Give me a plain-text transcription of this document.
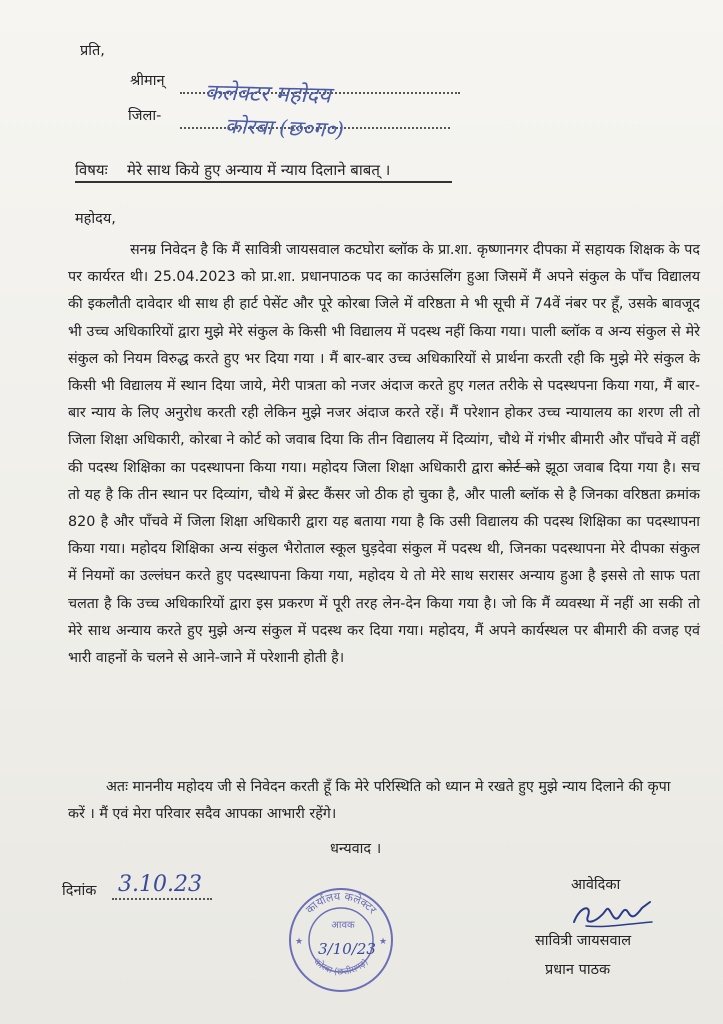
प्रति,
श्रीमान् कलेक्टर महोदय
जिला-	कोरबा (छ०ग०)
विषयः मेरे साथ किये हुए अन्याय में न्याय दिलाने बाबत् ।
महोदय,

सनम्र निवेदन है कि मैं सावित्री जायसवाल कटघोरा ब्लॉक के प्रा.शा. कृष्णानगर दीपका में सहायक शिक्षक के पद पर कार्यरत थी। 25.04.2023 को प्रा.शा. प्रधानपाठक पद का काउंसलिंग हुआ जिसमें मैं अपने संकुल के पाँच विद्यालय की इकलौती दावेदार थी साथ ही हार्ट पेसेंट और पूरे कोरबा जिले में वरिष्ठता मे भी सूची में 74वें नंबर पर हूँ, उसके बावजूद भी उच्च अधिकारियों द्वारा मुझे मेरे संकुल के किसी भी विद्यालय में पदस्थ नहीं किया गया। पाली ब्लॉक व अन्य संकुल से मेरे संकुल को नियम विरुद्ध करते हुए भर दिया गया । मैं बार-बार उच्च अधिकारियों से प्रार्थना करती रही कि मुझे मेरे संकुल के किसी भी विद्यालय में स्थान दिया जाये, मेरी पात्रता को नजर अंदाज करते हुए गलत तरीके से पदस्थपना किया गया, मैं बार-बार न्याय के लिए अनुरोध करती रही लेकिन मुझे नजर अंदाज करते रहें। मैं परेशान होकर उच्च न्यायालय का शरण ली तो जिला शिक्षा अधिकारी, कोरबा ने कोर्ट को जवाब दिया कि तीन विद्यालय में दिव्यांग, चौथे में गंभीर बीमारी और पाँचवे में वहीं की पदस्थ शिक्षिका का पदस्थापना किया गया। महोदय जिला शिक्षा अधिकारी द्वारा कोर्ट को झूठा जवाब दिया गया है। सच तो यह है कि तीन स्थान पर दिव्यांग, चौथे में ब्रेस्ट कैंसर जो ठीक हो चुका है, और पाली ब्लॉक से है जिनका वरिष्ठता क्रमांक 820 है और पाँचवे में जिला शिक्षा अधिकारी द्वारा यह बताया गया है कि उसी विद्यालय की पदस्थ शिक्षिका का पदस्थापना किया गया। महोदय शिक्षिका अन्य संकुल भैरोताल स्कूल घुड़देवा संकुल में पदस्थ थी, जिनका पदस्थापना मेरे दीपका संकुल में नियमों का उल्लंघन करते हुए पदस्थापना किया गया, महोदय ये तो मेरे साथ सरासर अन्याय हुआ है इससे तो साफ पता चलता है कि उच्च अधिकारियों द्वारा इस प्रकरण में पूरी तरह लेन-देन किया गया है। जो कि मैं व्यवस्था में नहीं आ सकी तो मेरे साथ अन्याय करते हुए मुझे अन्य संकुल में पदस्थ कर दिया गया। महोदय, मैं अपने कार्यस्थल पर बीमारी की वजह एवं भारी वाहनों के चलने से आने-जाने में परेशानी होती है।

अतः माननीय महोदय जी से निवेदन करती हूँ कि मेरे परिस्थिति को ध्यान मे रखते हुए मुझे न्याय दिलाने की कृपा करें । मैं एवं मेरा परिवार सदैव आपका आभारी रहेंगे।
धन्यवाद ।
दिनांक 3.10.23
कार्यालय कलेक्टर
कोरबा (छत्तीसगढ़)
आवक
★	★
3/10/23
आवेदिका
सावित्री जायसवाल
प्रधान पाठक
